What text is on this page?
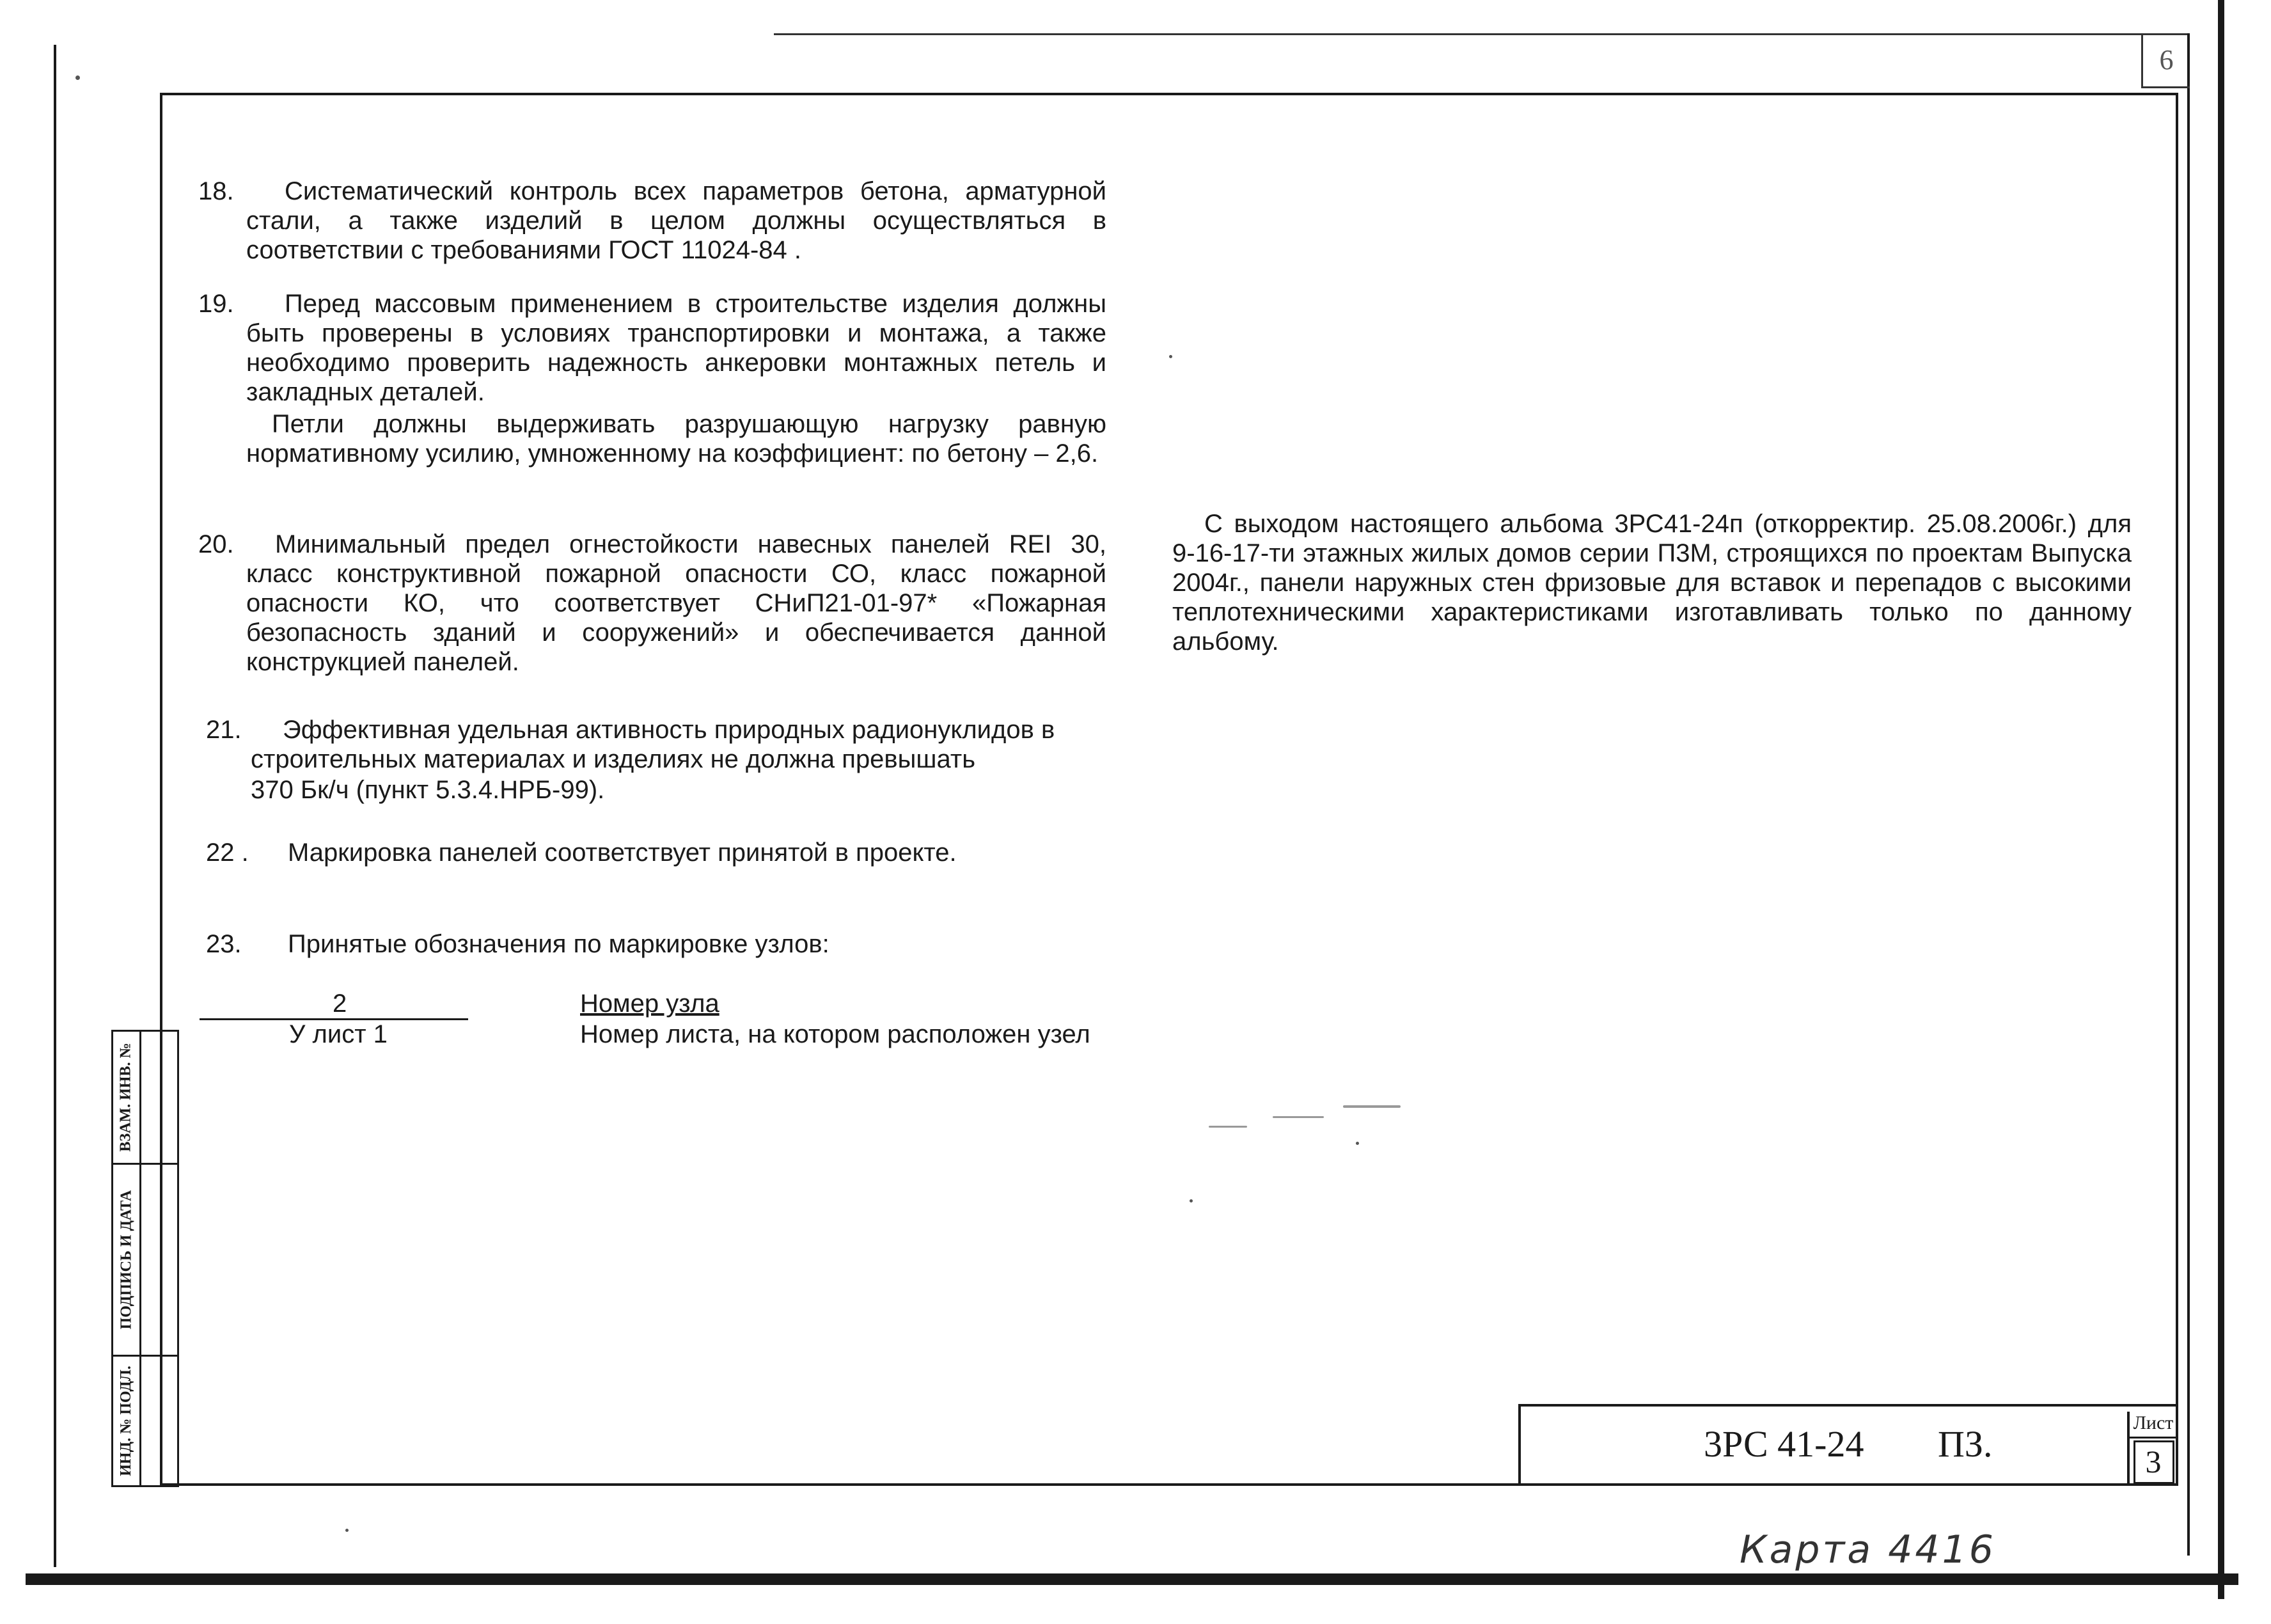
6
18.	Систематический контроль всех параметров бетона, арматурной стали, а также изделий в целом должны осуществляться в соответствии с требованиями ГОСТ 11024-84 .
19.	Перед массовым применением в строительстве изделия должны быть проверены в условиях транспортировки и монтажа, а также необходимо проверить надежность анкеровки монтажных петель и закладных деталей.
Петли должны выдерживать разрушающую нагрузку равную нормативному усилию, умноженному на коэффициент: по бетону – 2,6.
20.	Минимальный предел огнестойкости навесных панелей REI 30, класс конструктивной пожарной опасности СО, класс пожарной опасности КО, что соответствует СНиП21-01-97* «Пожарная безопасность зданий и сооружений» и обеспечивается данной конструкцией панелей.
21.	Эффективная удельная активность природных радионуклидов в строительных материалах и изделиях не должна превышать
370 Бк/ч (пункт 5.3.4.НРБ-99).
22 . Маркировка панелей соответствует принятой в проекте.
23. Принятые обозначения по маркировке узлов:
2	Номер узла
У лист 1	Номер листа, на котором расположен узел
С выходом настоящего альбома 3РС41-24п (откорректир. 25.08.2006г.) для 9-16-17-ти этажных жилых домов серии П3М, строящихся по проектам Выпуска 2004г., панели наружных стен фризовые для вставок и перепадов с высокими теплотехническими характеристиками изготавливать только по данному альбому.
ВЗАМ. ИНВ. №
ПОДПИСЬ И ДАТА
ИНД. № ПОДЛ.	3РС 41-24 ПЗ.
Лист
3
Карта 4416
